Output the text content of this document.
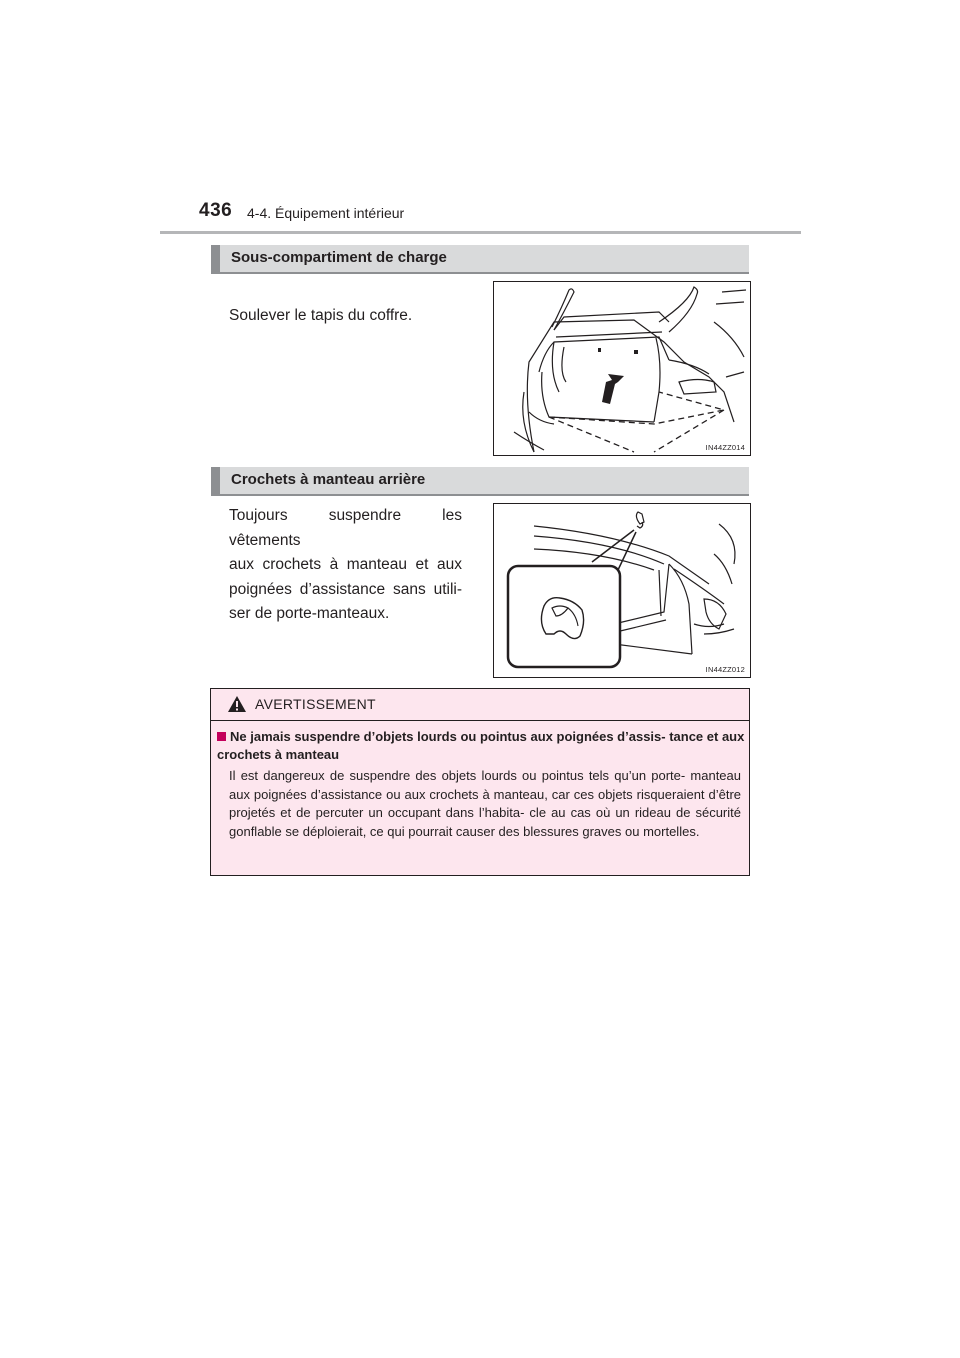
436 4-4. Équipement intérieur
Sous-compartiment de charge
Soulever le tapis du coffre.
IN44ZZ014
Crochets à manteau arrière
Toujours suspendre les vêtements
aux crochets à manteau et aux
poignées d’assistance sans utili-
ser de porte-manteaux.
IN44ZZ012
AVERTISSEMENT
Ne jamais suspendre d’objets lourds ou pointus aux poignées d’assis- tance et aux crochets à manteau
Il est dangereux de suspendre des objets lourds ou pointus tels qu’un porte- manteau aux poignées d’assistance ou aux crochets à manteau, car ces objets risqueraient d’être projetés et de percuter un occupant dans l’habita- cle au cas où un rideau de sécurité gonflable se déploierait, ce qui pourrait causer des blessures graves ou mortelles.
